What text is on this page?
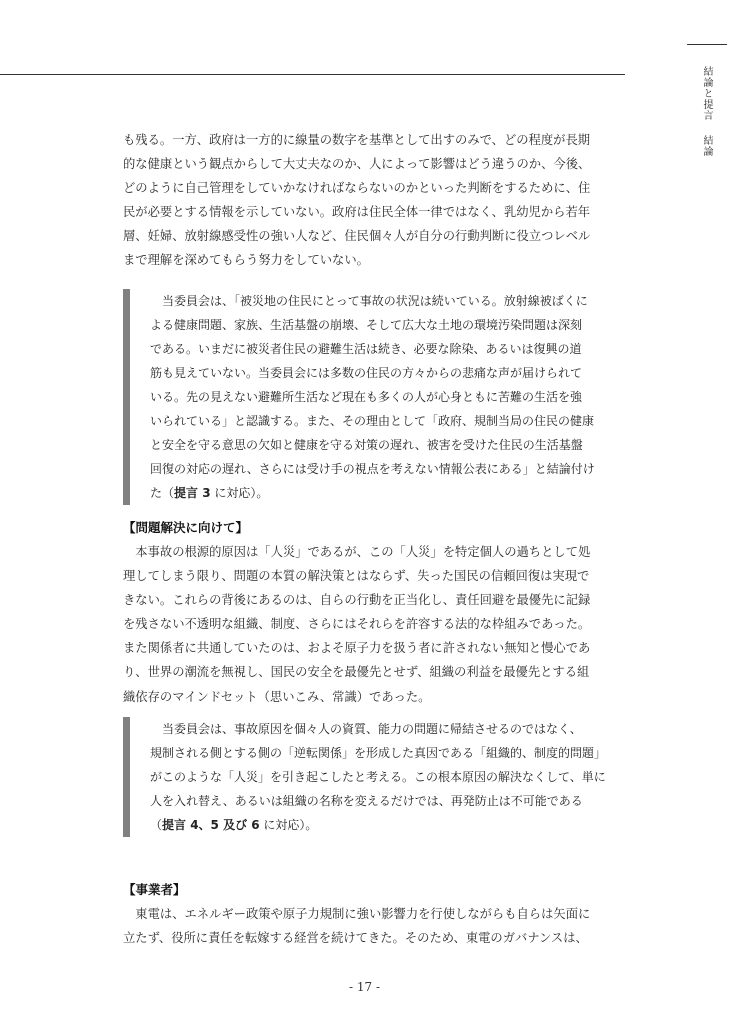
結論と提言結論

も残る。一方、政府は一方的に線量の数字を基準として出すのみで、どの程度が長期

的な健康という観点からして大丈夫なのか、人によって影響はどう違うのか、今後、

どのように自己管理をしていかなければならないのかといった判断をするために、住

民が必要とする情報を示していない。政府は住民全体一律ではなく、乳幼児から若年

層、妊婦、放射線感受性の強い人など、住民個々人が自分の行動判断に役立つレベル

まで理解を深めてもらう努力をしていない。

　当委員会は、「被災地の住民にとって事故の状況は続いている。放射線被ばくに

よる健康問題、家族、生活基盤の崩壊、そして広大な土地の環境汚染問題は深刻

である。いまだに被災者住民の避難生活は続き、必要な除染、あるいは復興の道

筋も見えていない。当委員会には多数の住民の方々からの悲痛な声が届けられて

いる。先の見えない避難所生活など現在も多くの人が心身ともに苦難の生活を強

いられている」と認識する。また、その理由として「政府、規制当局の住民の健康

と安全を守る意思の欠如と健康を守る対策の遅れ、被害を受けた住民の生活基盤

回復の対応の遅れ、さらには受け手の視点を考えない情報公表にある」と結論付け

た（提言 3 に対応）。

【問題解決に向けて】

　本事故の根源的原因は「人災」であるが、この「人災」を特定個人の過ちとして処

理してしまう限り、問題の本質の解決策とはならず、失った国民の信頼回復は実現で

きない。これらの背後にあるのは、自らの行動を正当化し、責任回避を最優先に記録

を残さない不透明な組織、制度、さらにはそれらを許容する法的な枠組みであった。

また関係者に共通していたのは、およそ原子力を扱う者に許されない無知と慢心であ

り、世界の潮流を無視し、国民の安全を最優先とせず、組織の利益を最優先とする組

織依存のマインドセット（思いこみ、常識）であった。

　当委員会は、事故原因を個々人の資質、能力の問題に帰結させるのではなく、

規制される側とする側の「逆転関係」を形成した真因である「組織的、制度的問題」

がこのような「人災」を引き起こしたと考える。この根本原因の解決なくして、単に

人を入れ替え、あるいは組織の名称を変えるだけでは、再発防止は不可能である

（提言 4、5 及び 6 に対応）。

【事業者】

　東電は、エネルギー政策や原子力規制に強い影響力を行使しながらも自らは矢面に

立たず、役所に責任を転嫁する経営を続けてきた。そのため、東電のガバナンスは、

- 17 -
